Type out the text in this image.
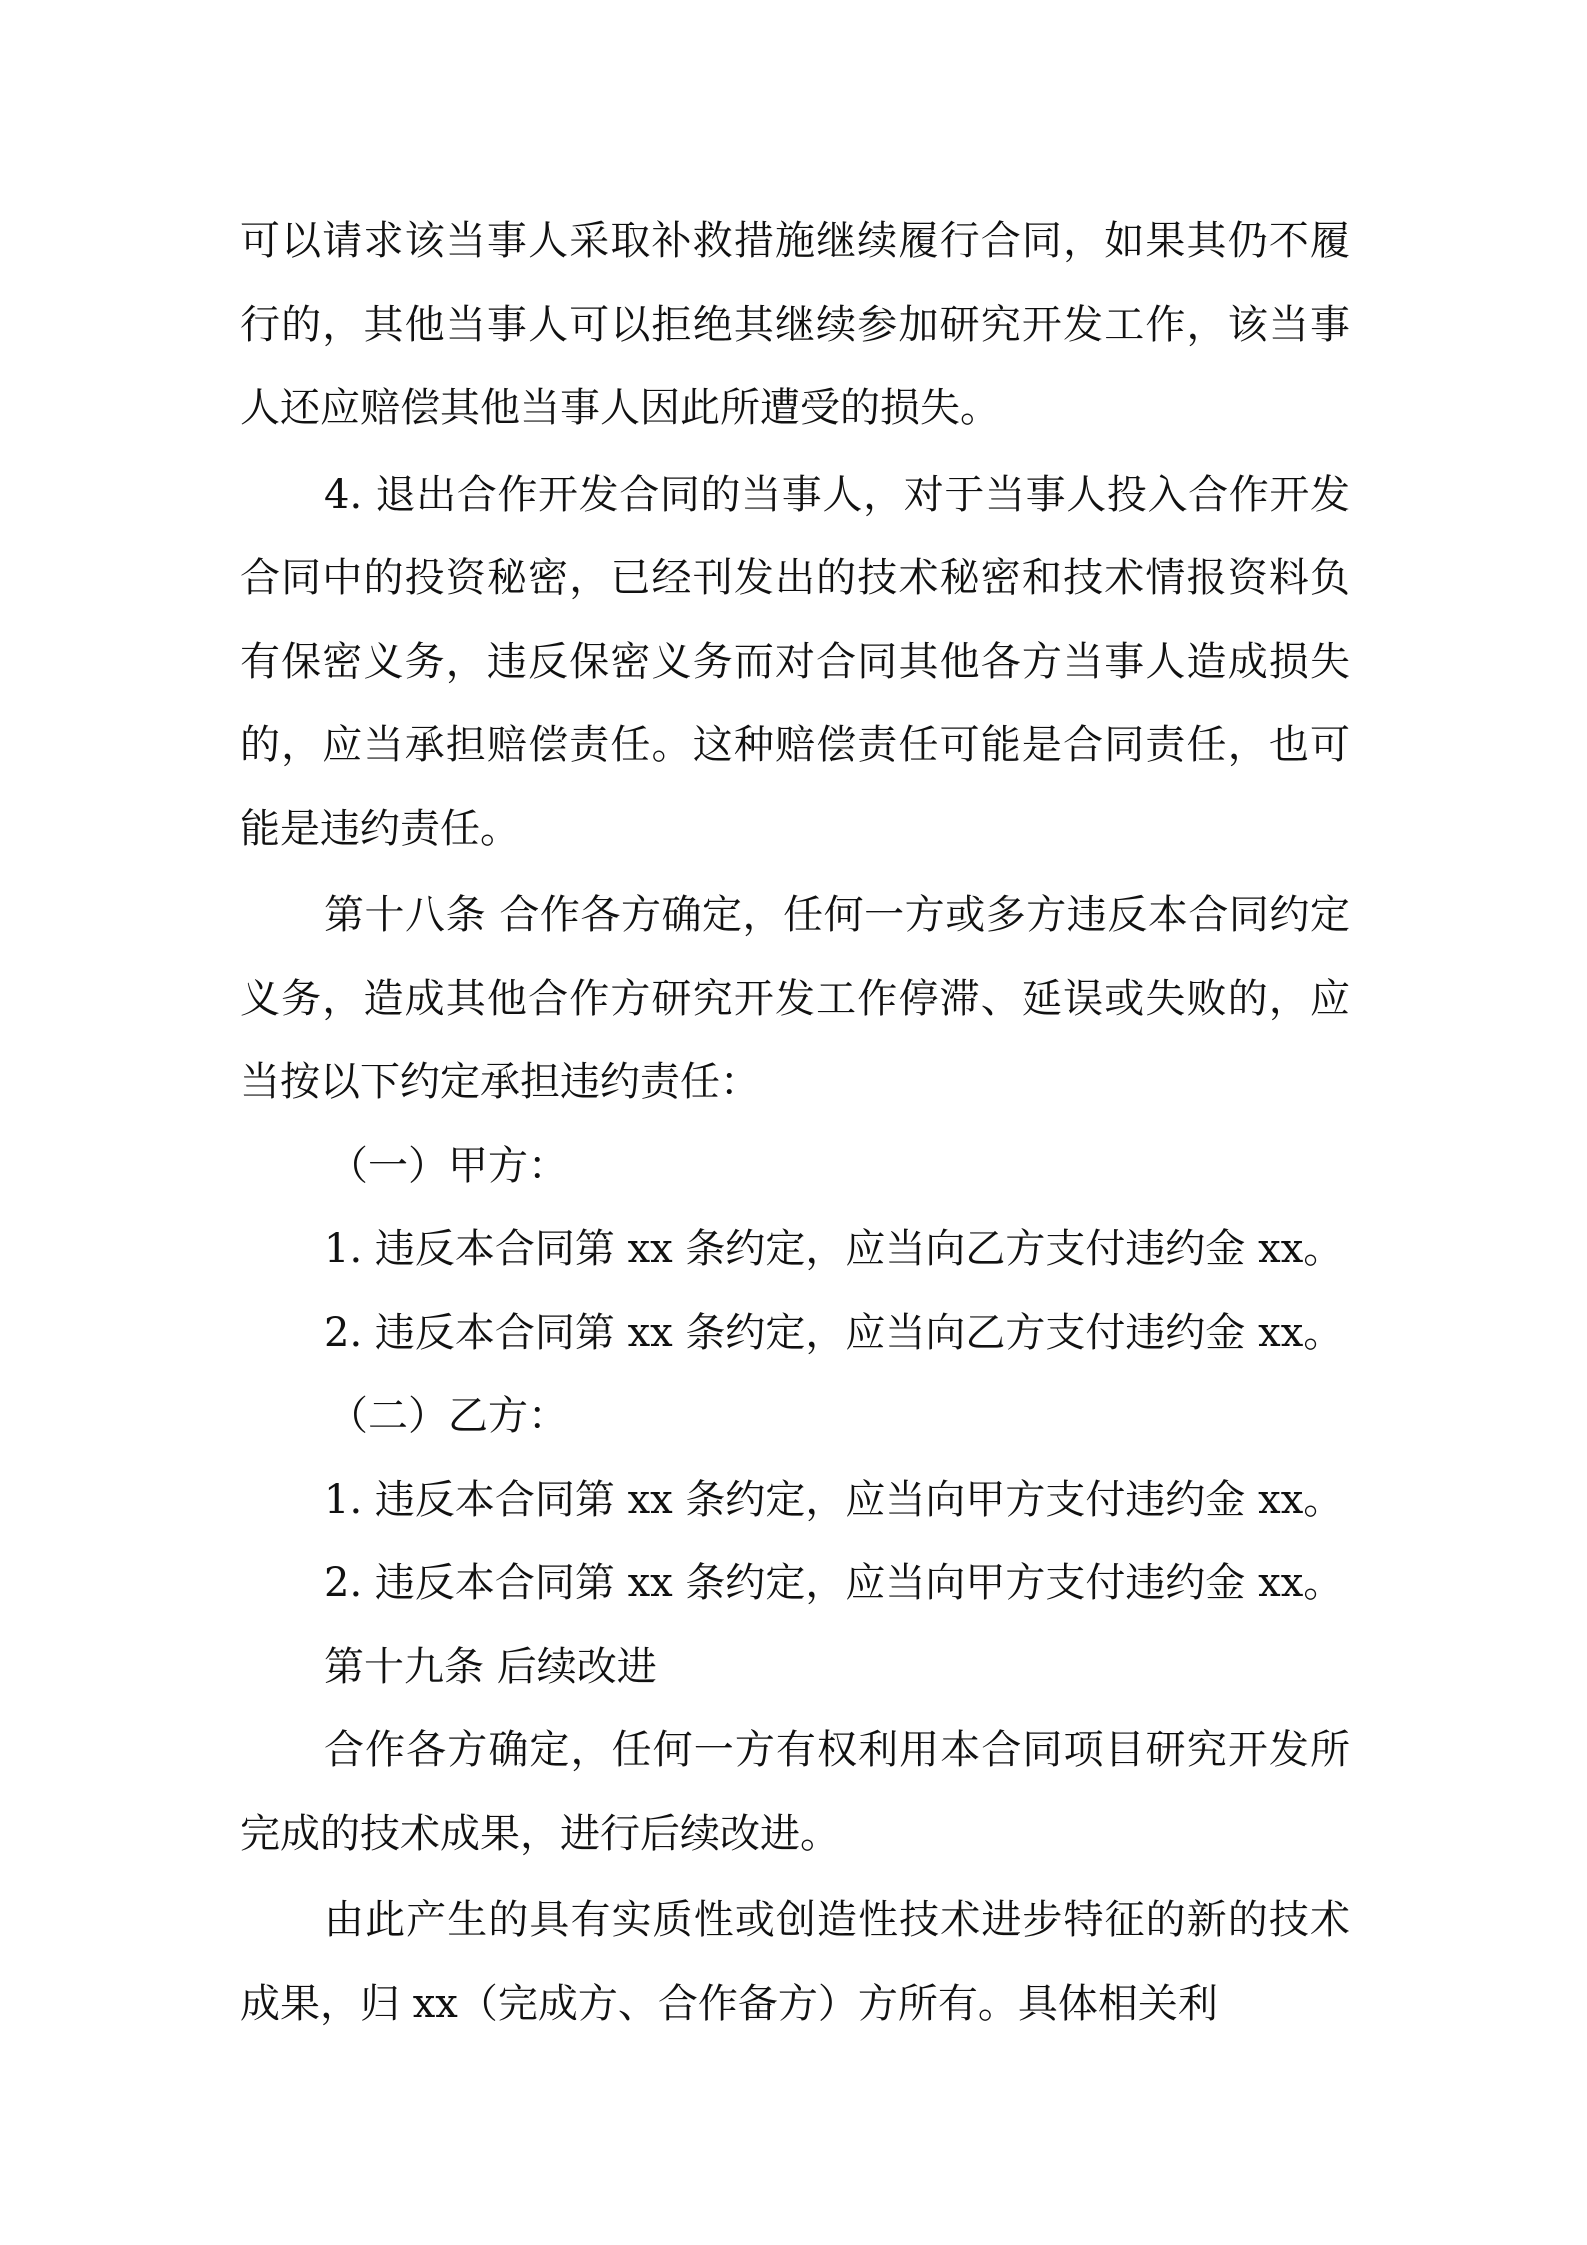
可以请求该当事人采取补救措施继续履行合同，如果其仍不履行的，其他当事人可以拒绝其继续参加研究开发工作，该当事人还应赔偿其他当事人因此所遭受的损失。

4. 退出合作开发合同的当事人，对于当事人投入合作开发合同中的投资秘密，已经刊发出的技术秘密和技术情报资料负有保密义务，违反保密义务而对合同其他各方当事人造成损失的，应当承担赔偿责任。这种赔偿责任可能是合同责任，也可能是违约责任。

第十八条 合作各方确定，任何一方或多方违反本合同约定义务，造成其他合作方研究开发工作停滞、延误或失败的，应当按以下约定承担违约责任：

（一）甲方：

1. 违反本合同第 xx 条约定，应当向乙方支付违约金 xx。

2. 违反本合同第 xx 条约定，应当向乙方支付违约金 xx。

（二）乙方：

1. 违反本合同第 xx 条约定，应当向甲方支付违约金 xx。

2. 违反本合同第 xx 条约定，应当向甲方支付违约金 xx。

第十九条 后续改进

合作各方确定，任何一方有权利用本合同项目研究开发所完成的技术成果，进行后续改进。

由此产生的具有实质性或创造性技术进步特征的新的技术成果，归 xx（完成方、合作备方）方所有。具体相关利
